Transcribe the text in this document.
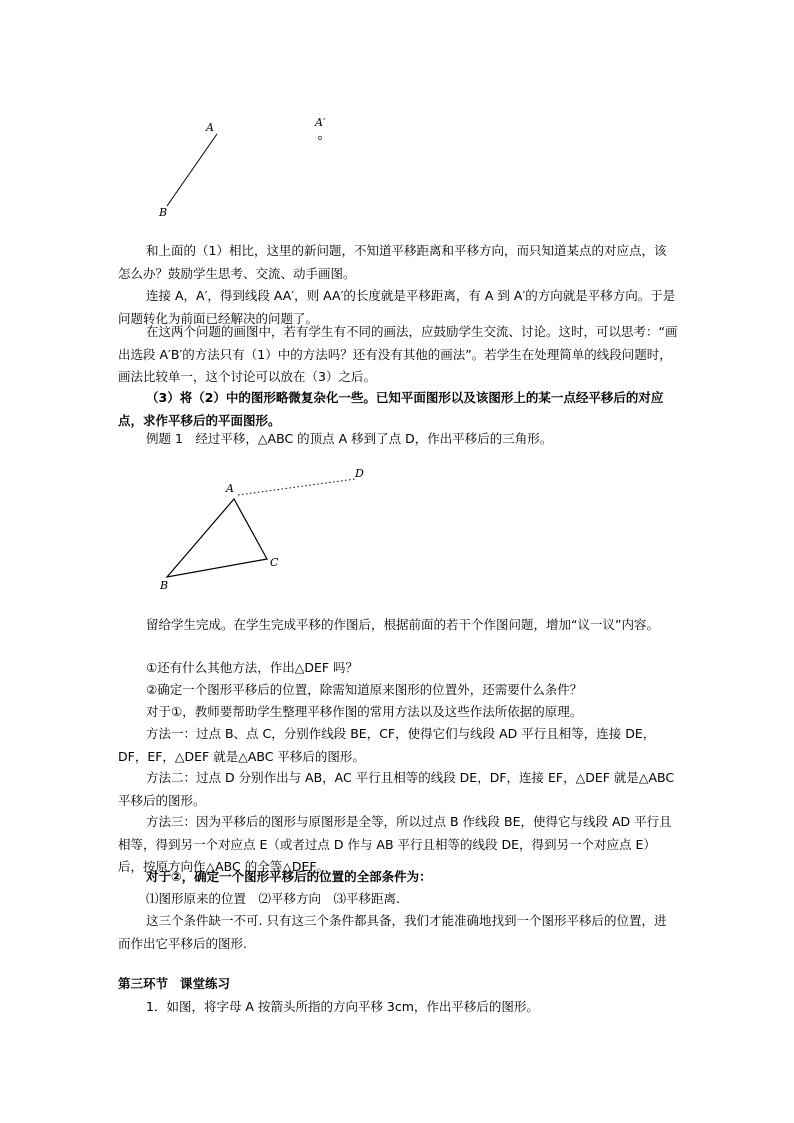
A
B
A′

和上面的（1）相比，这里的新问题，不知道平移距离和平移方向，而只知道某点的对应点，该怎么办？鼓励学生思考、交流、动手画图。

连接 A，A′，得到线段 AA′，则 AA′的长度就是平移距离，有 A 到 A′的方向就是平移方向。于是问题转化为前面已经解决的问题了。

在这两个问题的画图中，若有学生有不同的画法，应鼓励学生交流、讨论。这时，可以思考：“画出选段 A′B′的方法只有（1）中的方法吗？还有没有其他的画法”。若学生在处理简单的线段问题时，画法比较单一，这个讨论可以放在（3）之后。

（3）将（2）中的图形略微复杂化一些。已知平面图形以及该图形上的某一点经平移后的对应点，求作平移后的平面图形。

例题 1　经过平移，△ABC 的顶点 A 移到了点 D，作出平移后的三角形。

A
B
C
D

留给学生完成。在学生完成平移的作图后，根据前面的若干个作图问题，增加“议一议”内容。

①还有什么其他方法，作出△DEF 吗？

②确定一个图形平移后的位置，除需知道原来图形的位置外，还需要什么条件？

对于①，教师要帮助学生整理平移作图的常用方法以及这些作法所依据的原理。

方法一：过点 B、点 C，分别作线段 BE，CF，使得它们与线段 AD 平行且相等，连接 DE，DF，EF，△DEF 就是△ABC 平移后的图形。

方法二：过点 D 分别作出与 AB，AC 平行且相等的线段 DE，DF，连接 EF，△DEF 就是△ABC 平移后的图形。

方法三：因为平移后的图形与原图形是全等，所以过点 B 作线段 BE，使得它与线段 AD 平行且相等，得到另一个对应点 E（或者过点 D 作与 AB 平行且相等的线段 DE，得到另一个对应点 E）后，按原方向作△ABC 的全等△DEF。

对于②，确定一个图形平移后的位置的全部条件为：

⑴图形原来的位置　⑵平移方向　⑶平移距离.

这三个条件缺一不可. 只有这三个条件都具备，我们才能准确地找到一个图形平移后的位置，进而作出它平移后的图形.

第三环节 课堂练习

1．如图，将字母 A 按箭头所指的方向平移 3cm，作出平移后的图形。
